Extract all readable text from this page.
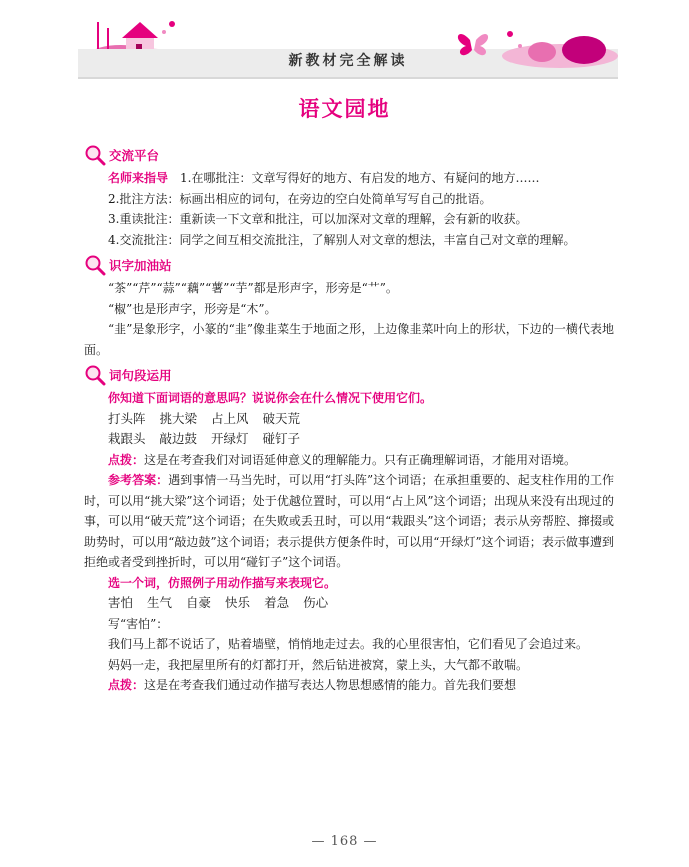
新教材完全解读
语文园地
交流平台

名师来指导　 1.在哪批注：文章写得好的地方、有启发的地方、有疑问的地方……

2.批注方法：标画出相应的词句，在旁边的空白处简单写写自己的批语。

3.重读批注：重新读一下文章和批注，可以加深对文章的理解，会有新的收获。

4.交流批注：同学之间互相交流批注，了解别人对文章的想法，丰富自己对文章的理解。

识字加油站

“茶”“芹”“蒜”“藕”“薯”“芋”都是形声字，形旁是“艹”。

“椒”也是形声字，形旁是“木”。

“韭”是象形字，小篆的“韭”像韭菜生于地面之形，上边像韭菜叶向上的形状，下边的一横代表地面。

词句段运用

你知道下面词语的意思吗？说说你会在什么情况下使用它们。

打头阵 挑大梁 占上风 破天荒
栽跟头 敲边鼓 开绿灯 碰钉子

点拨：这是在考查我们对词语延伸意义的理解能力。只有正确理解词语，才能用对语境。

参考答案：遇到事情一马当先时，可以用“打头阵”这个词语；在承担重要的、起支柱作用的工作时，可以用“挑大梁”这个词语；处于优越位置时，可以用“占上风”这个词语；出现从来没有出现过的事，可以用“破天荒”这个词语；在失败或丢丑时，可以用“栽跟头”这个词语；表示从旁帮腔、撺掇或助势时，可以用“敲边鼓”这个词语；表示提供方便条件时，可以用“开绿灯”这个词语；表示做事遭到拒绝或者受到挫折时，可以用“碰钉子”这个词语。

选一个词，仿照例子用动作描写来表现它。

害怕 生气 自豪 快乐 着急 伤心

写“害怕”：

我们马上都不说话了，贴着墙壁，悄悄地走过去。我的心里很害怕，它们看见了会追过来。

妈妈一走，我把屋里所有的灯都打开，然后钻进被窝，蒙上头，大气都不敢喘。

点拨：这是在考查我们通过动作描写表达人物思想感情的能力。首先我们要想

— 168 —
